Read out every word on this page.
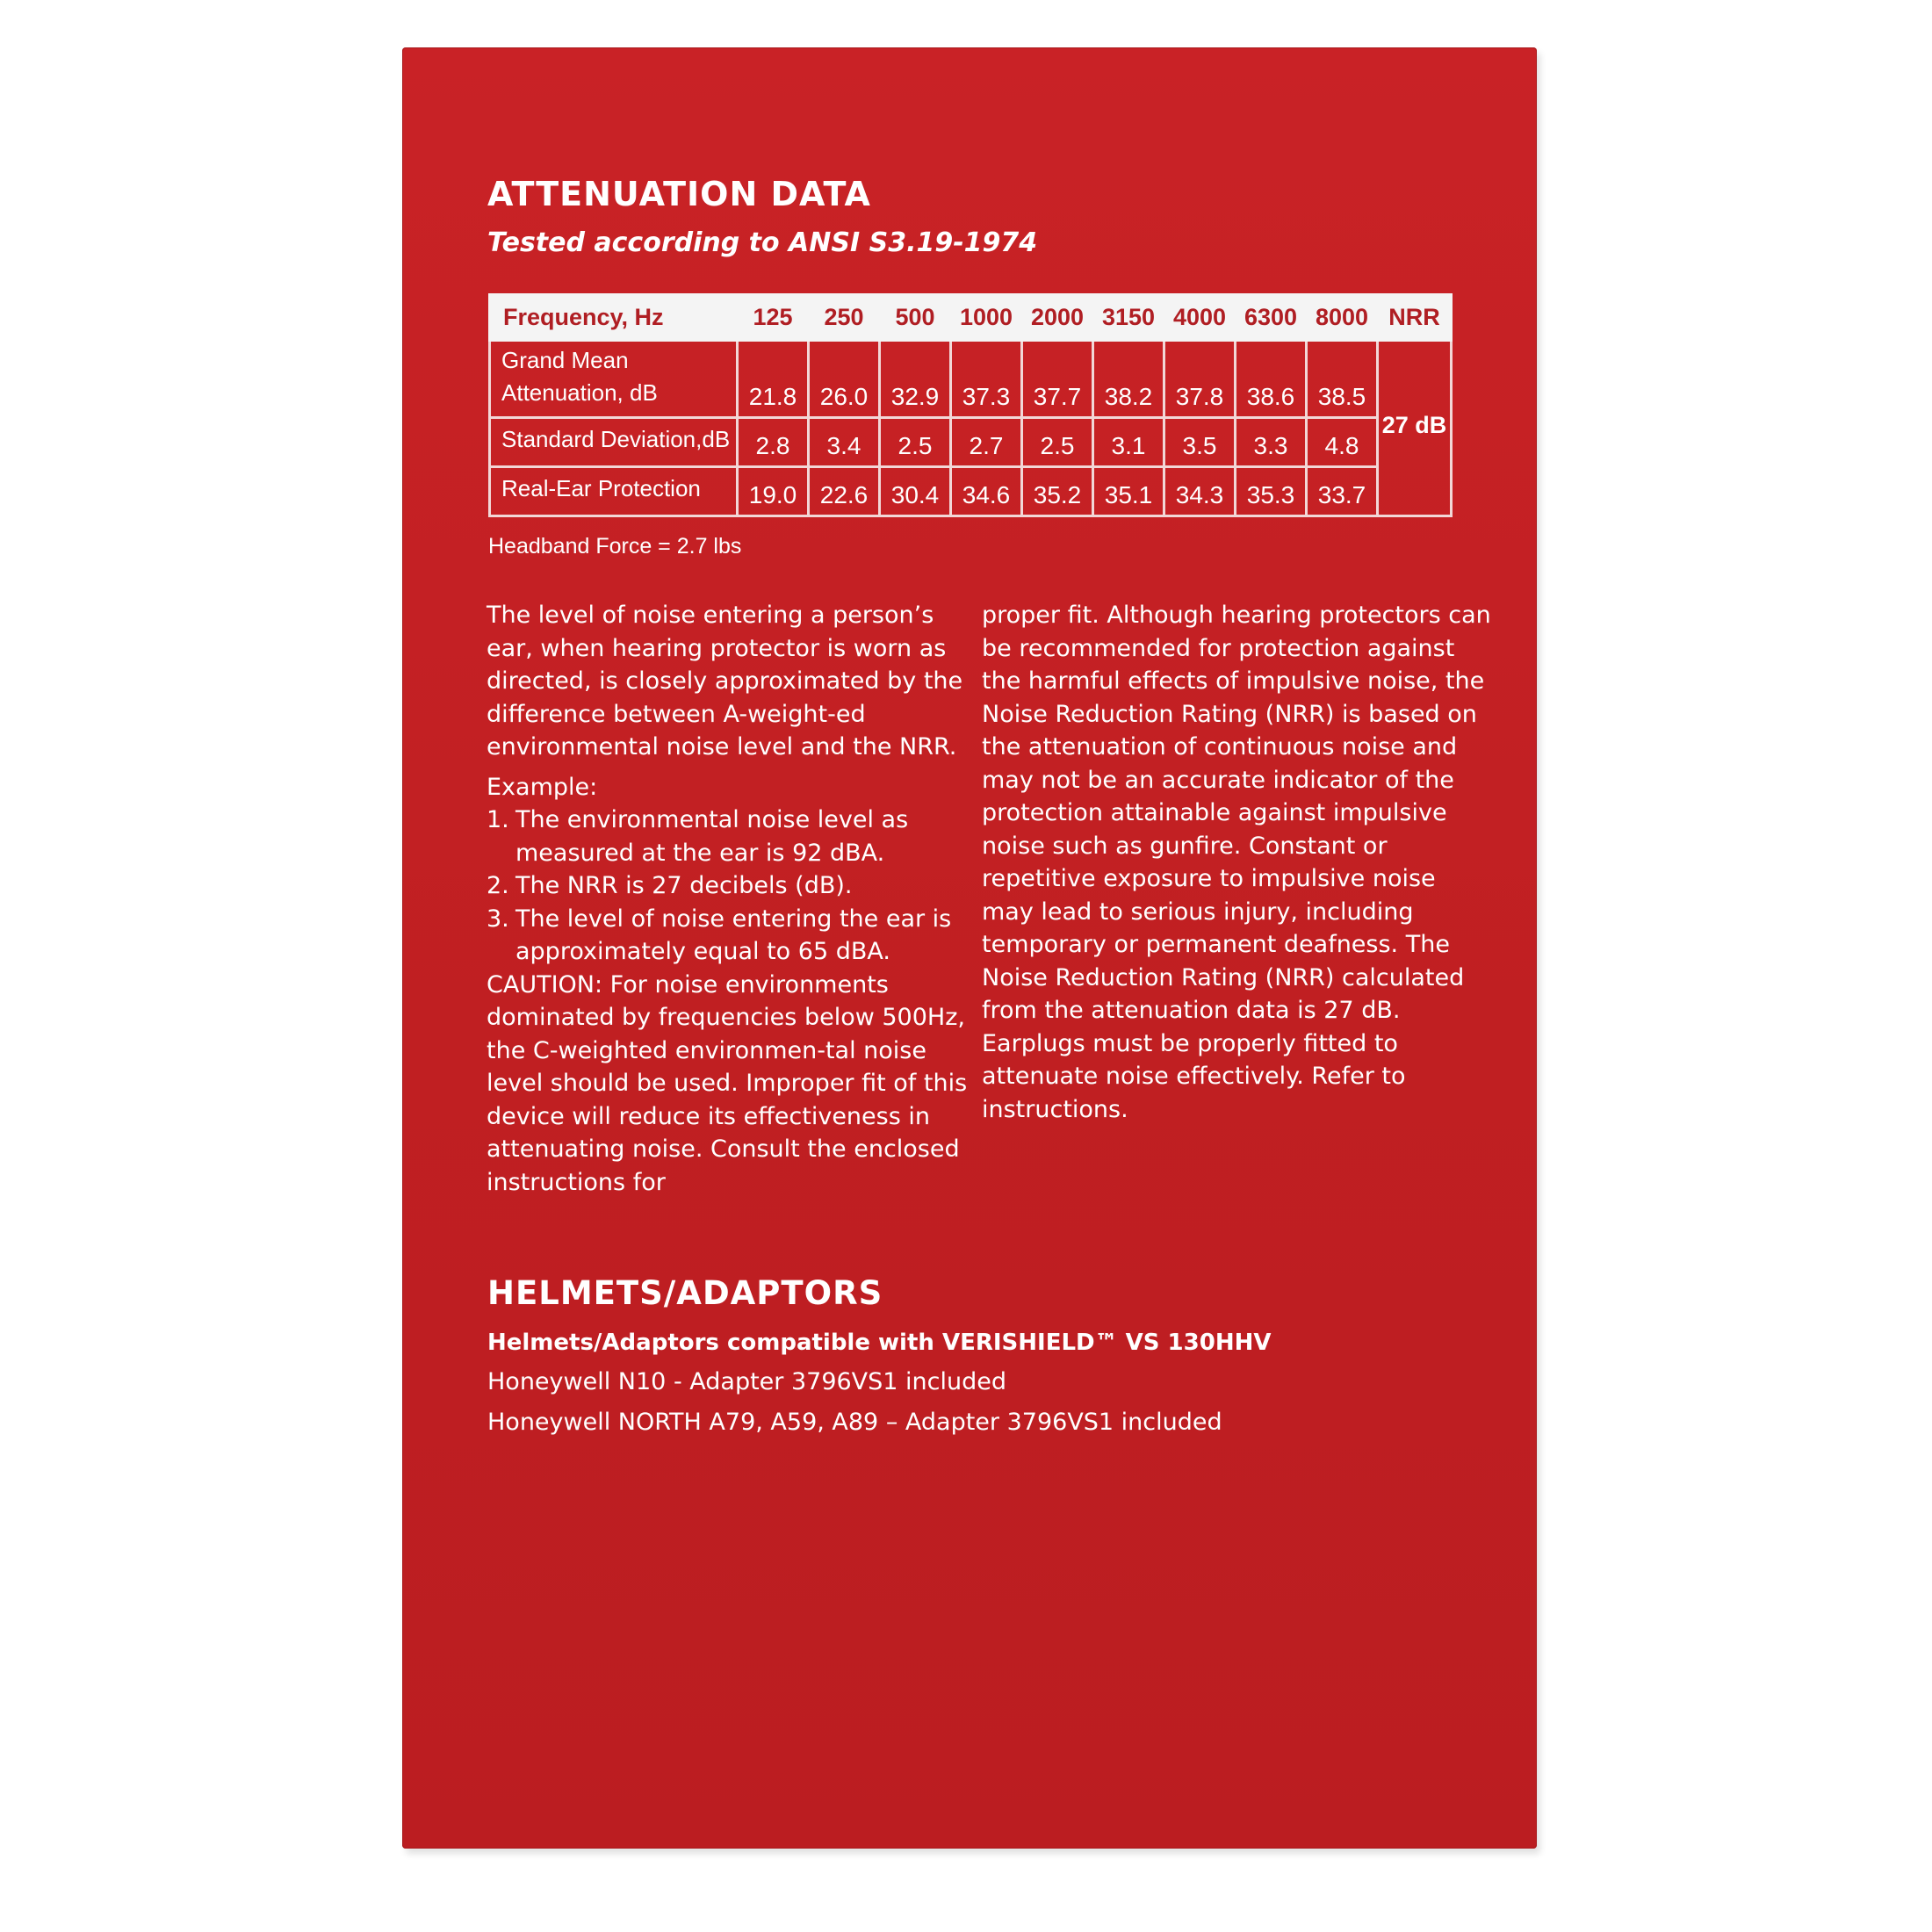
ATTENUATION DATA
Tested according to ANSI S3.19-1974
Frequency, Hz	125	250	500	1000	2000	3150	4000	6300	8000	NRR
Grand Mean
Attenuation, dB	21.8	26.0	32.9	37.3	37.7	38.2	37.8	38.6	38.5	27 dB
Standard Deviation,dB	2.8	3.4	2.5	2.7	2.5	3.1	3.5	3.3	4.8	
Real-Ear Protection	19.0	22.6	30.4	34.6	35.2	35.1	34.3	35.3	33.7	
Headband Force = 2.7 lbs

The level of noise entering a person’s ear, when hearing protector is worn as directed, is closely approximated by the difference between A-weight-ed environmental noise level and the NRR.

Example:

1. The environmental noise level as measured at the ear is 92 dBA.
2. The NRR is 27 decibels (dB).
3. The level of noise entering the ear is approximately equal to 65 dBA.

CAUTION: For noise environments dominated by frequencies below 500Hz, the C-weighted environmen-tal noise level should be used. Improper fit of this device will reduce its effectiveness in attenuating noise. Consult the enclosed instructions for

proper fit. Although hearing protectors can be recommended for protection against the harmful effects of impulsive noise, the Noise Reduction Rating (NRR) is based on the attenuation of continuous noise and may not be an accurate indicator of the protection attainable against impulsive noise such as gunfire. Constant or repetitive exposure to impulsive noise may lead to serious injury, including temporary or permanent deafness. The Noise Reduction Rating (NRR) calculated from the attenuation data is 27 dB. Earplugs must be properly fitted to attenuate noise effectively. Refer to instructions.

HELMETS/ADAPTORS
Helmets/Adaptors compatible with VERISHIELD™ VS 130HHV
Honeywell N10 - Adapter 3796VS1 included
Honeywell NORTH A79, A59, A89 – Adapter 3796VS1 included
